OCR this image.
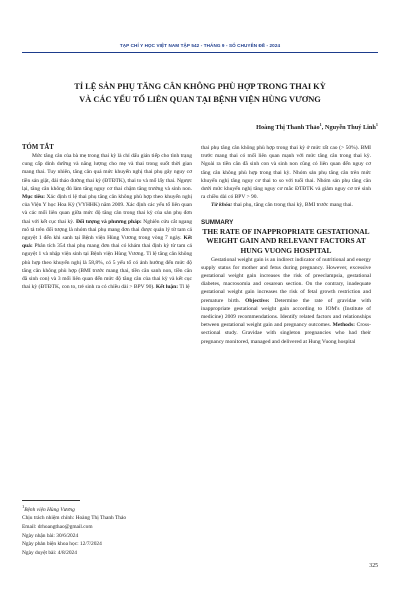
TẠP CHÍ Y HỌC VIỆT NAM TẬP 542 - THÁNG 9 - SỐ CHUYÊN ĐỀ - 2024
TỈ LỆ SẢN PHỤ TĂNG CÂN KHÔNG PHÙ HỢP TRONG THAI KỲ
VÀ CÁC YẾU TỐ LIÊN QUAN TẠI BỆNH VIỆN HÙNG VƯƠNG
Hoàng Thị Thanh Thảo$^1$, Nguyễn Thuý Linh$^1$

TÓM TẮT

Mức tăng cân của bà mẹ trong thai kỳ là chỉ dấu gián tiếp cho tình trạng cung cấp dinh dưỡng và năng lượng cho mẹ và thai trong suốt thời gian mang thai. Tuy nhiên, tăng cân quá mức khuyến nghị thai phụ gây nguy cơ tiền sản giật, đái tháo đường thai kỳ (ĐTĐTK), thai to và mổ lấy thai. Ngược lại, tăng cân không đủ làm tăng nguy cơ thai chậm tăng trưởng và sinh non. Mục tiêu: Xác định tỉ lệ thai phụ tăng cân không phù hợp theo khuyến nghị của Viện Y học Hoa Kỳ (VYHHK) năm 2009. Xác định các yếu tố liên quan và các mối liên quan giữa mức độ tăng cân trong thai kỳ của sản phụ đơn thai với kết cục thai kỳ. Đối tượng và phương pháp: Nghiên cứu cắt ngang mô tả trên đối tượng là nhóm thai phụ mang đơn thai được quản lý từ tam cá nguyệt 1 đến khi sanh tại Bệnh viện Hùng Vương trong vòng 7 ngày. Kết quả: Phân tích 354 thai phụ mang đơn thai có khám thai định kỳ từ tam cá nguyệt 1 và nhập viện sinh tại Bệnh viện Hùng Vương. Tỉ lệ tăng cân không phù hợp theo khuyến nghị là 58,8%, có 5 yếu tố có ảnh hưởng đến mức độ tăng cân không phù hợp (BMI trước mang thai, tiền căn sanh non, tiền căn đã sinh con) và 3 mối liên quan đến mức độ tăng cân của thai kỳ và kết cục thai kỳ (ĐTĐTK, con to, trẻ sinh ra có chiều dài > BPV 90). Kết luận: Tỉ lệ

$^1$Bệnh viện Hùng Vương
Chịu trách nhiệm chính: Hoàng Thị Thanh Thảo
Email: drhoangthao@gmail.com
Ngày nhận bài: 30/6/2024
Ngày phản biện khoa học: 12/7/2024
Ngày duyệt bài: 4/8/2024

thai phụ tăng cân không phù hợp trong thai kỳ ở mức rất cao (> 50%). BMI trước mang thai có mối liên quan mạnh với mức tăng cân trong thai kỳ. Ngoài ra tiền căn đã sinh con và sinh non cũng có liên quan đến nguy cơ tăng cân không phù hợp trong thai kỳ. Nhóm sản phụ tăng cân trên mức khuyến nghị tăng nguy cơ thai to so với tuổi thai. Nhóm sản phụ tăng cân dưới mức khuyến nghị tăng nguy cơ mắc ĐTĐTK và giảm nguy cơ trẻ sinh ra chiều dài có BPV > 90.

Từ khóa: thai phụ, tăng cân trong thai kỳ, BMI trước mang thai.

SUMMARY

THE RATE OF INAPPROPRIATE GESTATIONAL WEIGHT GAIN AND RELEVANT FACTORS AT HUNG VUONG HOSPITAL

Gestational weight gain is an indirect indicator of nutritional and energy supply status for mother and fetus during pregnancy. However, excessive gestational weight gain increases the risk of preeclampsia, gestational diabetes, macrosomia and cesarean section. On the contrary, inadequate gestational weight gain increases the risk of fetal growth restriction and premature birth. Objective: Determine the rate of gravidae with inappropriate gestational weight gain according to IOM's (Institute of medicine) 2009 recommendations. Identify related factors and relationships between gestational weight gain and pregnancy outcomes. Methods: Cross-sectional study. Gravidae with singleton pregnancies who had their pregnancy monitored, managed and delivered at Hung Vuong hospital

325
